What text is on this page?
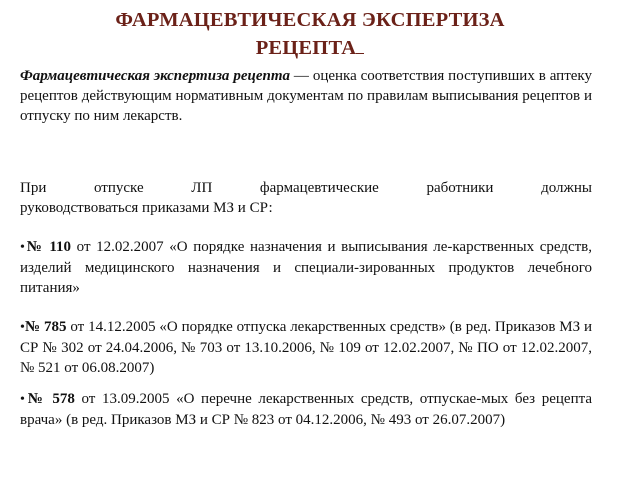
ФАРМАЦЕВТИЧЕСКАЯ ЭКСПЕРТИЗА
РЕЦЕПТА

Фармацевтическая экспертиза рецепта — оценка соответствия поступивших в аптеку рецептов действующим нормативным документам по правилам выписывания рецептов и отпуску по ним лекарств.

При отпуске ЛП фармацевтические работники должны

руководствоваться приказами МЗ и СР:

•№ 110 от 12.02.2007 «О порядке назначения и выписывания ле-карственных средств, изделий медицинского назначения и специали-зированных продуктов лечебного питания»

•№ 785 от 14.12.2005 «О порядке отпуска лекарственных средств» (в ред. Приказов МЗ и СР № 302 от 24.04.2006, № 703 от 13.10.2006, № 109 от 12.02.2007, № ПО от 12.02.2007, № 521 от 06.08.2007)

•№ 578 от 13.09.2005 «О перечне лекарственных средств, отпускае-мых без рецепта врача» (в ред. Приказов МЗ и СР № 823 от 04.12.2006, № 493 от 26.07.2007)
